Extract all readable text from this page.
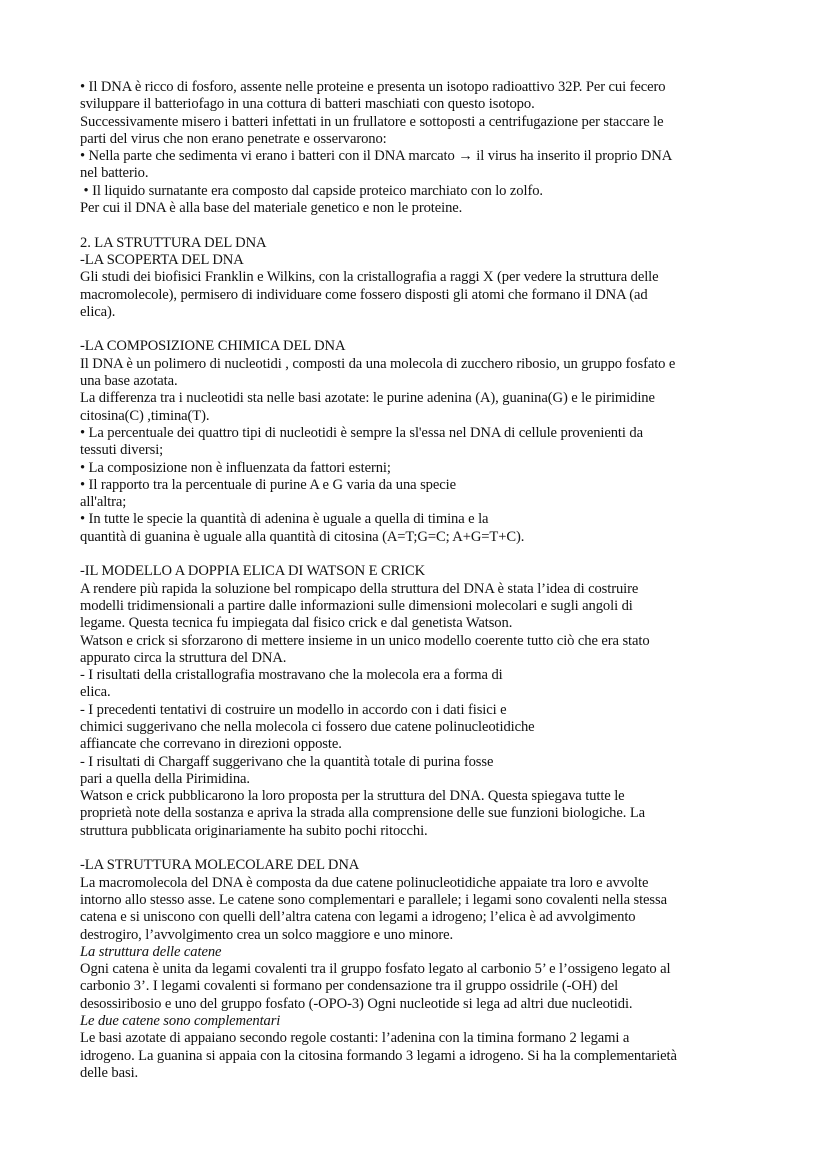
• Il DNA è ricco di fosforo, assente nelle proteine e presenta un isotopo radioattivo 32P. Per cui fecero
sviluppare il batteriofago in una cottura di batteri maschiati con questo isotopo.
Successivamente misero i batteri infettati in un frullatore e sottoposti a centrifugazione per staccare le
parti del virus che non erano penetrate e osservarono:
• Nella parte che sedimenta vi erano i batteri con il DNA marcato → il virus ha inserito il proprio DNA
nel batterio.
• Il liquido surnatante era composto dal capside proteico marchiato con lo zolfo.
Per cui il DNA è alla base del materiale genetico e non le proteine.
2. LA STRUTTURA DEL DNA
-LA SCOPERTA DEL DNA
Gli studi dei biofisici Franklin e Wilkins, con la cristallografia a raggi X (per vedere la struttura delle
macromolecole), permisero di individuare come fossero disposti gli atomi che formano il DNA (ad
elica).
-LA COMPOSIZIONE CHIMICA DEL DNA
Il DNA è un polimero di nucleotidi , composti da una molecola di zucchero ribosio, un gruppo fosfato e
una base azotata.
La differenza tra i nucleotidi sta nelle basi azotate: le purine adenina (A), guanina(G) e le pirimidine
citosina(C) ,timina(T).
• La percentuale dei quattro tipi di nucleotidi è sempre la sl'essa nel DNA di cellule provenienti da
tessuti diversi;
• La composizione non è influenzata da fattori esterni;
• Il rapporto tra la percentuale di purine A e G varia da una specie
all'altra;
• In tutte le specie la quantità di adenina è uguale a quella di timina e la
quantità di guanina è uguale alla quantità di citosina (A=T;G=C; A+G=T+C).
-IL MODELLO A DOPPIA ELICA DI WATSON E CRICK
A rendere più rapida la soluzione bel rompicapo della struttura del DNA è stata l’idea di costruire
modelli tridimensionali a partire dalle informazioni sulle dimensioni molecolari e sugli angoli di
legame. Questa tecnica fu impiegata dal fisico crick e dal genetista Watson.
Watson e crick si sforzarono di mettere insieme in un unico modello coerente tutto ciò che era stato
appurato circa la struttura del DNA.
- I risultati della cristallografia mostravano che la molecola era a forma di
elica.
- I precedenti tentativi di costruire un modello in accordo con i dati fisici e
chimici suggerivano che nella molecola ci fossero due catene polinucleotidiche
affiancate che correvano in direzioni opposte.
- I risultati di Chargaff suggerivano che la quantità totale di purina fosse
pari a quella della Pirimidina.
Watson e crick pubblicarono la loro proposta per la struttura del DNA. Questa spiegava tutte le
proprietà note della sostanza e apriva la strada alla comprensione delle sue funzioni biologiche. La
struttura pubblicata originariamente ha subito pochi ritocchi.
-LA STRUTTURA MOLECOLARE DEL DNA
La macromolecola del DNA è composta da due catene polinucleotidiche appaiate tra loro e avvolte
intorno allo stesso asse. Le catene sono complementari e parallele; i legami sono covalenti nella stessa
catena e si uniscono con quelli dell’altra catena con legami a idrogeno; l’elica è ad avvolgimento
destrogiro, l’avvolgimento crea un solco maggiore e uno minore.
La struttura delle catene
Ogni catena è unita da legami covalenti tra il gruppo fosfato legato al carbonio 5’ e l’ossigeno legato al
carbonio 3’. I legami covalenti si formano per condensazione tra il gruppo ossidrile (-OH) del
desossiribosio e uno del gruppo fosfato (-OPO-3) Ogni nucleotide si lega ad altri due nucleotidi.
Le due catene sono complementari
Le basi azotate di appaiano secondo regole costanti: l’adenina con la timina formano 2 legami a
idrogeno. La guanina si appaia con la citosina formando 3 legami a idrogeno. Si ha la complementarietà
delle basi.
